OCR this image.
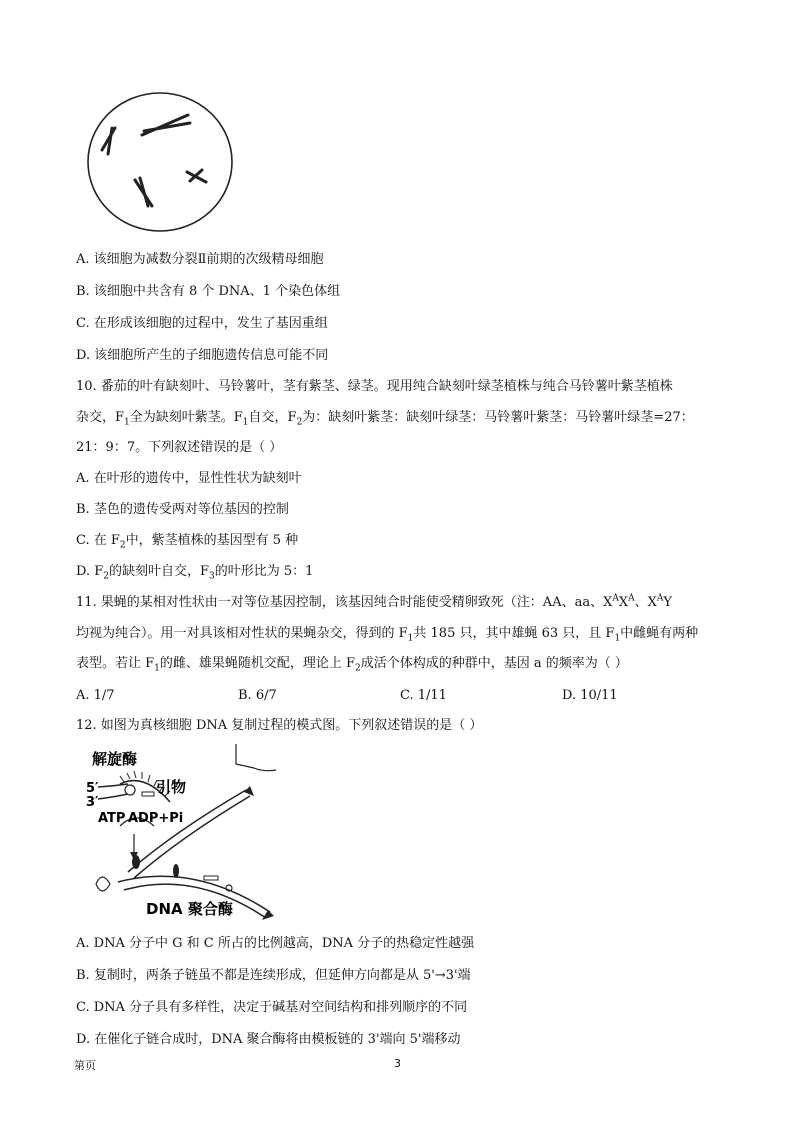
A. 该细胞为减数分裂Ⅱ前期的次级精母细胞
B. 该细胞中共含有 8 个 DNA、1 个染色体组
C. 在形成该细胞的过程中，发生了基因重组
D. 该细胞所产生的子细胞遗传信息可能不同
10. 番茄的叶有缺刻叶、马铃薯叶，茎有紫茎、绿茎。现用纯合缺刻叶绿茎植株与纯合马铃薯叶紫茎植株
杂交，$F_1$全为缺刻叶紫茎。$F_1$自交，$F_2$为：缺刻叶紫茎：缺刻叶绿茎：马铃薯叶紫茎：马铃薯叶绿茎=27：
21：9：7。下列叙述错误的是（ ）
A. 在叶形的遗传中，显性性状为缺刻叶
B. 茎色的遗传受两对等位基因的控制
C. 在 $F_2$中，紫茎植株的基因型有 5 种
D. $F_2$的缺刻叶自交，$F_3$的叶形比为 5：1
11. 果蝇的某相对性状由一对等位基因控制，该基因纯合时能使受精卵致死（注：AA、aa、$X^AX^A$、$X^AY$
均视为纯合）。用一对具该相对性状的果蝇杂交，得到的 $F_1$共 185 只，其中雄蝇 63 只，且 $F_1$中雌蝇有两种
表型。若让 $F_1$的雌、雄果蝇随机交配，理论上 $F_2$成活个体构成的种群中，基因 a 的频率为（ ）
A. 1/7	B. 6/7	C. 1/11	D. 10/11
12. 如图为真核细胞 DNA 复制过程的模式图。下列叙述错误的是（ ）
解旋酶
5′
3′
引物
ATP ADP+Pi
DNA 聚合酶
A. DNA 分子中 G 和 C 所占的比例越高，DNA 分子的热稳定性越强
B. 复制时，两条子链虽不都是连续形成，但延伸方向都是从 5'→3'端
C. DNA 分子具有多样性，决定于碱基对空间结构和排列顺序的不同
D. 在催化子链合成时，DNA 聚合酶将由模板链的 3'端向 5'端移动
第页	3
